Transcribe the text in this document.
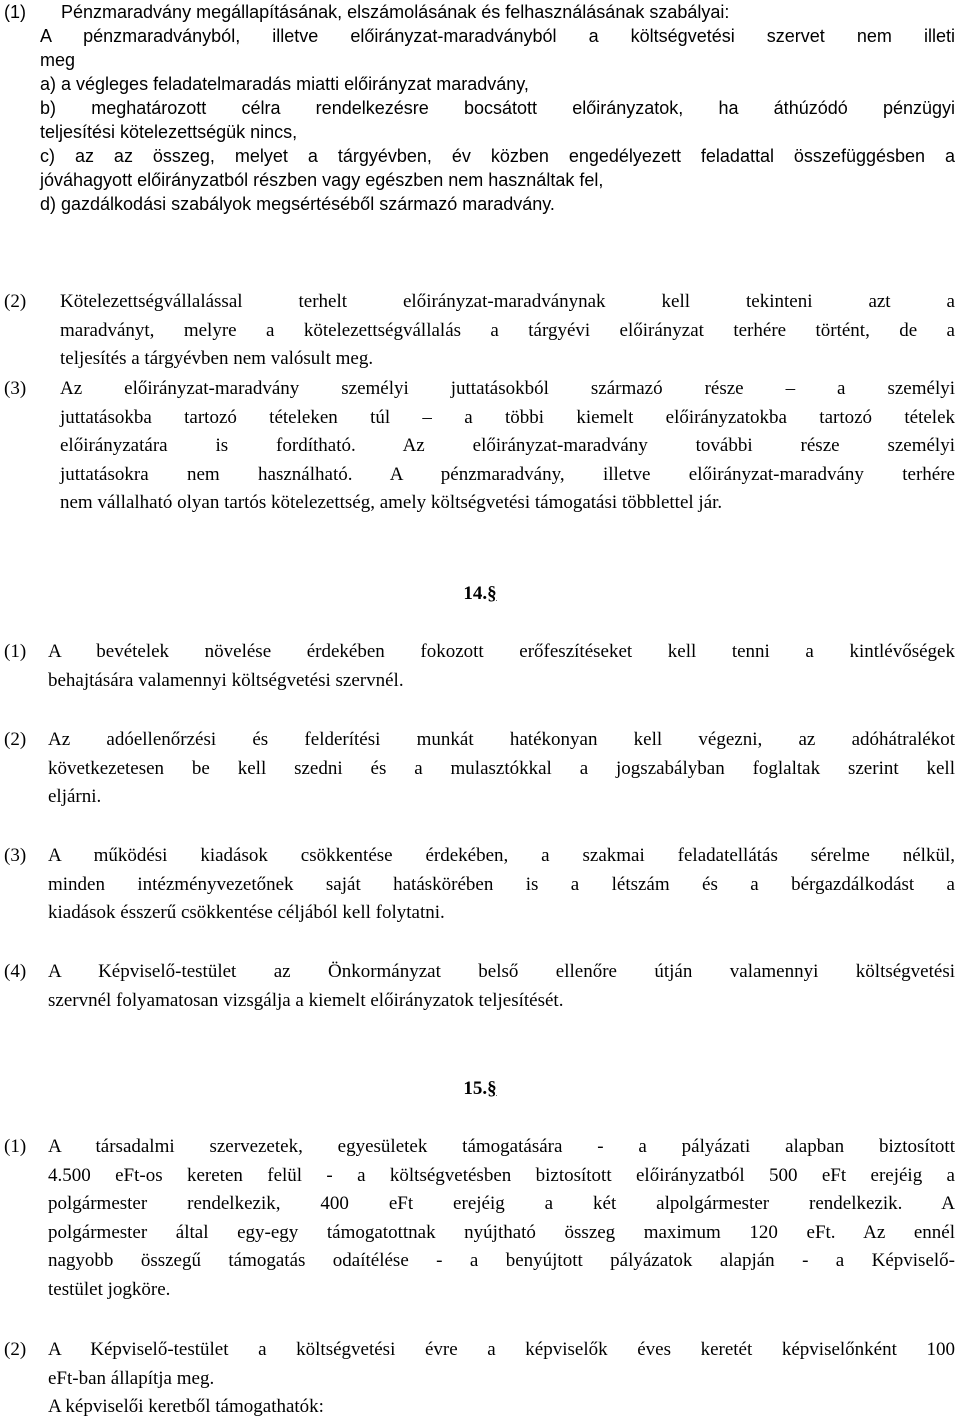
(1) Pénzmaradvány megállapításának, elszámolásának és felhasználásának szabályai:
A pénzmaradványból, illetve előirányzat-maradványból a költségvetési szervet nem illeti
meg
a) a végleges feladatelmaradás miatti előirányzat maradvány,
b) meghatározott célra rendelkezésre bocsátott előirányzatok, ha áthúzódó pénzügyi
teljesítési kötelezettségük nincs,
c) az az összeg, melyet a tárgyévben, év közben engedélyezett feladattal összefüggésben a
jóváhagyott előirányzatból részben vagy egészben nem használtak fel,
d) gazdálkodási szabályok megsértéséből származó maradvány.
(2) Kötelezettségvállalással terhelt előirányzat-maradványnak kell tekinteni azt a
maradványt, melyre a kötelezettségvállalás a tárgyévi előirányzat terhére történt, de a
teljesítés a tárgyévben nem valósult meg.
(3) Az előirányzat-maradvány személyi juttatásokból származó része – a személyi
juttatásokba tartozó tételeken túl – a többi kiemelt előirányzatokba tartozó tételek
előirányzatára is fordítható. Az előirányzat-maradvány további része személyi
juttatásokra nem használható. A pénzmaradvány, illetve előirányzat-maradvány terhére
nem vállalható olyan tartós kötelezettség, amely költségvetési támogatási többlettel jár.
14.§
(1) A bevételek növelése érdekében fokozott erőfeszítéseket kell tenni a kintlévőségek
behajtására valamennyi költségvetési szervnél.
(2) Az adóellenőrzési és felderítési munkát hatékonyan kell végezni, az adóhátralékot
következetesen be kell szedni és a mulasztókkal a jogszabályban foglaltak szerint kell
eljárni.
(3) A működési kiadások csökkentése érdekében, a szakmai feladatellátás sérelme nélkül,
minden intézményvezetőnek saját hatáskörében is a létszám és a bérgazdálkodást a
kiadások ésszerű csökkentése céljából kell folytatni.
(4) A Képviselő-testület az Önkormányzat belső ellenőre útján valamennyi költségvetési
szervnél folyamatosan vizsgálja a kiemelt előirányzatok teljesítését.
15.§
(1) A társadalmi szervezetek, egyesületek támogatására - a pályázati alapban biztosított
4.500 eFt-os kereten felül - a költségvetésben biztosított előirányzatból 500 eFt erejéig a
polgármester rendelkezik, 400 eFt erejéig a két alpolgármester rendelkezik. A
polgármester által egy-egy támogatottnak nyújtható összeg maximum 120 eFt. Az ennél
nagyobb összegű támogatás odaítélése - a benyújtott pályázatok alapján - a Képviselő-
testület jogköre.
(2) A Képviselő-testület a költségvetési évre a képviselők éves keretét képviselőnként 100
eFt-ban állapítja meg.
A képviselői keretből támogathatók:
